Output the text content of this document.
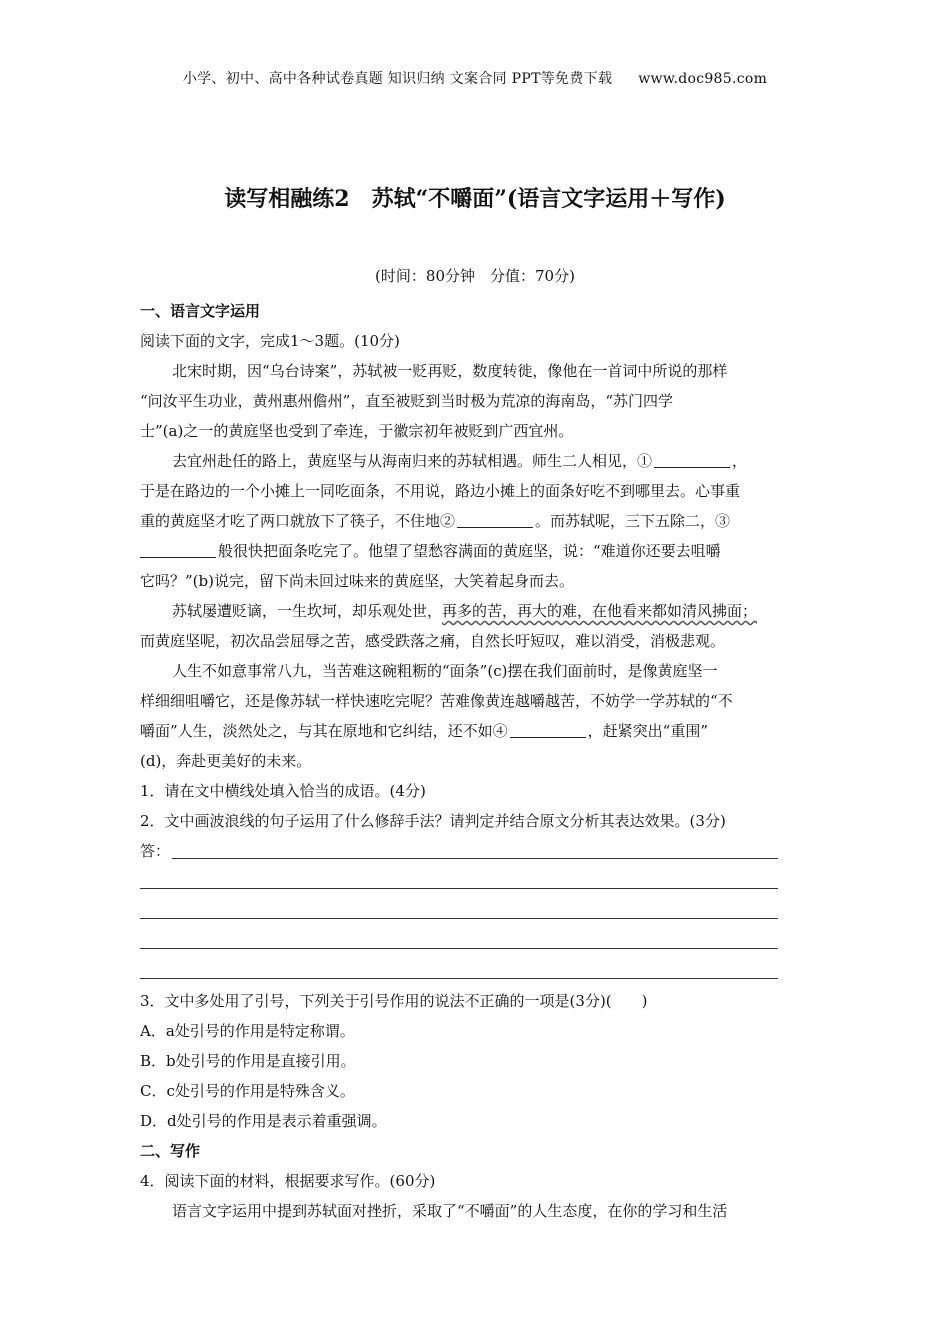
小学、初中、高中各种试卷真题 知识归纳 文案合同 PPT等免费下载 www.doc985.com
读写相融练2　苏轼“不嚼面”(语言文字运用＋写作)
(时间：80分钟　分值：70分)
一、语言文字运用
阅读下面的文字，完成1～3题。(10分)
北宋时期，因“乌台诗案”，苏轼被一贬再贬，数度转徙，像他在一首词中所说的那样
“问汝平生功业，黄州惠州儋州”，直至被贬到当时极为荒凉的海南岛，“苏门四学
士”(a)之一的黄庭坚也受到了牵连，于徽宗初年被贬到广西宜州。
去宜州赴任的路上，黄庭坚与从海南归来的苏轼相遇。师生二人相见，①	，
于是在路边的一个小摊上一同吃面条，不用说，路边小摊上的面条好吃不到哪里去。心事重
重的黄庭坚才吃了两口就放下了筷子，不住地②	。而苏轼呢，三下五除二，③
般很快把面条吃完了。他望了望愁容满面的黄庭坚，说：“难道你还要去咀嚼
它吗？”(b)说完，留下尚未回过味来的黄庭坚，大笑着起身而去。
苏轼屡遭贬谪，一生坎坷，却乐观处世，再多的苦，再大的难，在他看来都如清风拂面；
而黄庭坚呢，初次品尝屈辱之苦，感受跌落之痛，自然长吁短叹，难以消受，消极悲观。
人生不如意事常八九，当苦难这碗粗粝的“面条”(c)摆在我们面前时，是像黄庭坚一
样细细咀嚼它，还是像苏轼一样快速吃完呢？苦难像黄连越嚼越苦，不妨学一学苏轼的“不
嚼面”人生，淡然处之，与其在原地和它纠结，还不如④	，赶紧突出“重围”
(d)，奔赴更美好的未来。
1．请在文中横线处填入恰当的成语。(4分)
2．文中画波浪线的句子运用了什么修辞手法？请判定并结合原文分析其表达效果。(3分)
答：
3．文中多处用了引号，下列关于引号作用的说法不正确的一项是(3分)( )
A．a处引号的作用是特定称谓。
B．b处引号的作用是直接引用。
C．c处引号的作用是特殊含义。
D．d处引号的作用是表示着重强调。
二、写作
4．阅读下面的材料，根据要求写作。(60分)
语言文字运用中提到苏轼面对挫折，采取了“不嚼面”的人生态度，在你的学习和生活
